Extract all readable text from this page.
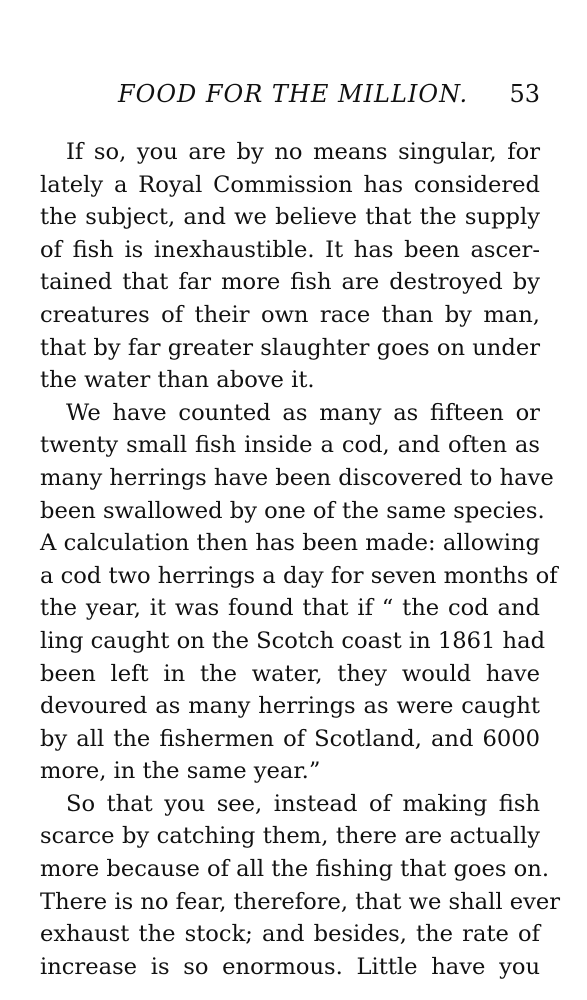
FOOD FOR THE MILLION. 53
If so, you are by no means singular, for
lately a Royal Commission has considered
the subject, and we believe that the supply
of fish is inexhaustible. It has been ascer-
tained that far more fish are destroyed by
creatures of their own race than by man,
that by far greater slaughter goes on under
the water than above it.
We have counted as many as fifteen or
twenty small fish inside a cod, and often as
many herrings have been discovered to have
been swallowed by one of the same species.
A calculation then has been made: allowing
a cod two herrings a day for seven months of
the year, it was found that if “ the cod and
ling caught on the Scotch coast in 1861 had
been left in the water, they would have
devoured as many herrings as were caught
by all the fishermen of Scotland, and 6000
more, in the same year.”
So that you see, instead of making fish
scarce by catching them, there are actually
more because of all the fishing that goes on.
There is no fear, therefore, that we shall ever
exhaust the stock; and besides, the rate of
increase is so enormous. Little have you
